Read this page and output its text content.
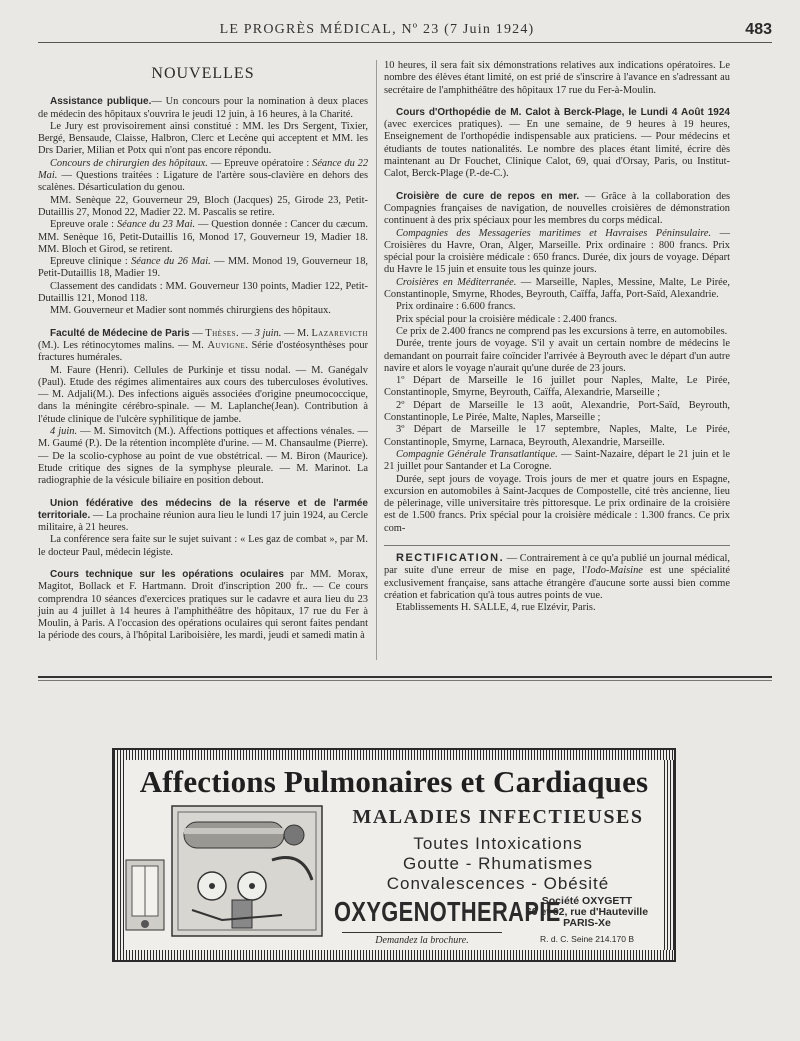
LE PROGRÈS MÉDICAL, Nº 23 (7 Juin 1924)	483
NOUVELLES

Assistance publique.— Un concours pour la nomination à deux places de médecin des hôpitaux s'ouvrira le jeudi 12 juin, à 16 heures, à la Charité.

Le Jury est provisoirement ainsi constitué : MM. les Drs Sergent, Tixier, Bergé, Bensaude, Claisse, Halbron, Clerc et Lecène qui acceptent et MM. les Drs Darier, Milian et Potx qui n'ont pas encore répondu.

Concours de chirurgien des hôpitaux. — Epreuve opératoire : Séance du 22 Mai. — Questions traitées : Ligature de l'artère sous-clavière en dehors des scalènes. Désarticulation du genou.

MM. Senèque 22, Gouverneur 29, Bloch (Jacques) 25, Girode 23, Petit-Dutaillis 27, Monod 22, Madier 22. M. Pascalis se retire.

Epreuve orale : Séance du 23 Mai. — Question donnée : Cancer du cæcum. MM. Senèque 16, Petit-Dutaillis 16, Monod 17, Gouverneur 19, Madier 18. MM. Bloch et Girod, se retirent.

Epreuve clinique : Séance du 26 Mai. — MM. Monod 19, Gouverneur 18, Petit-Dutaillis 18, Madier 19.

Classement des candidats : MM. Gouverneur 130 points, Madier 122, Petit-Dutaillis 121, Monod 118.

MM. Gouverneur et Madier sont nommés chirurgiens des hôpitaux.

Faculté de Médecine de Paris — Thèses. — 3 juin. — M. Lazarevicth (M.). Les rétinocytomes malins. — M. Auvigne. Série d'ostéosynthèses pour fractures humérales.

M. Faure (Henri). Cellules de Purkinje et tissu nodal. — M. Ganégalv (Paul). Etude des régimes alimentaires aux cours des tuberculoses évolutives. — M. Adjali(M.). Des infections aiguës associées d'origine pneumococcique, dans la méningite cérébro-spinale. — M. Laplanche(Jean). Contribution à l'étude clinique de l'ulcère syphilitique de jambe.

4 juin. — M. Simovitch (M.). Affections pottiques et affections vénales. — M. Gaumé (P.). De la rétention incomplète d'urine. — M. Chansaulme (Pierre). — De la scolio-cyphose au point de vue obstétrical. — M. Biron (Maurice). Etude critique des signes de la symphyse pleurale. — M. Marinot. La radiographie de la vésicule biliaire en position debout.

Union fédérative des médecins de la réserve et de l'armée territoriale. — La prochaine réunion aura lieu le lundi 17 juin 1924, au Cercle militaire, à 21 heures.

La conférence sera faite sur le sujet suivant : « Les gaz de combat », par M. le docteur Paul, médecin légiste.

Cours technique sur les opérations oculaires par MM. Morax, Magitot, Bollack et F. Hartmann. Droit d'inscription 200 fr.. — Ce cours comprendra 10 séances d'exercices pratiques sur le cadavre et aura lieu du 23 juin au 4 juillet à 14 heures à l'amphithéâtre des hôpitaux, 17 rue du Fer à Moulin, à Paris. A l'occasion des opérations oculaires qui seront faites pendant la période des cours, à l'hôpital Lariboisière, les mardi, jeudi et samedi matin à

10 heures, il sera fait six démonstrations relatives aux indications opératoires. Le nombre des élèves étant limité, on est prié de s'inscrire à l'avance en s'adressant au secrétaire de l'amphithéâtre des hôpitaux 17 rue du Fer-à-Moulin.

Cours d'Orthopédie de M. Calot à Berck-Plage, le Lundi 4 Août 1924 (avec exercices pratiques). — En une semaine, de 9 heures à 19 heures, Enseignement de l'orthopédie indispensable aux praticiens. — Pour médecins et étudiants de toutes nationalités. Le nombre des places étant limité, écrire dès maintenant au Dr Fouchet, Clinique Calot, 69, quai d'Orsay, Paris, ou Institut-Calot, Berck-Plage (P.-de-C.).

Croisière de cure de repos en mer. — Grâce à la collaboration des Compagnies françaises de navigation, de nouvelles croisières de démonstration continuent à des prix spéciaux pour les membres du corps médical.

Compagnies des Messageries maritimes et Havraises Péninsulaire. — Croisières du Havre, Oran, Alger, Marseille. Prix ordinaire : 800 francs. Prix spécial pour la croisière médicale : 650 francs. Durée, dix jours de voyage. Départ du Havre le 15 juin et ensuite tous les quinze jours.

Croisières en Méditerranée. — Marseille, Naples, Messine, Malte, Le Pirée, Constantinople, Smyrne, Rhodes, Beyrouth, Caïffa, Jaffa, Port-Saïd, Alexandrie.

Prix ordinaire : 6.600 francs.

Prix spécial pour la croisière médicale : 2.400 francs.

Ce prix de 2.400 francs ne comprend pas les excursions à terre, en automobiles.

Durée, trente jours de voyage. S'il y avait un certain nombre de médecins le demandant on pourrait faire coïncider l'arrivée à Beyrouth avec le départ d'un autre navire et alors le voyage n'aurait qu'une durée de 23 jours.

1º Départ de Marseille le 16 juillet pour Naples, Malte, Le Pirée, Constantinople, Smyrne, Beyrouth, Caïffa, Alexandrie, Marseille ;

2º Départ de Marseille le 13 août, Alexandrie, Port-Saïd, Beyrouth, Constantinople, Le Pirée, Malte, Naples, Marseille ;

3º Départ de Marseille le 17 septembre, Naples, Malte, Le Pirée, Constantinople, Smyrne, Larnaca, Beyrouth, Alexandrie, Marseille.

Compagnie Générale Transatlantique. — Saint-Nazaire, départ le 21 juin et le 21 juillet pour Santander et La Corogne.

Durée, sept jours de voyage. Trois jours de mer et quatre jours en Espagne, excursion en automobiles à Saint-Jacques de Compostelle, cité très ancienne, lieu de pèlerinage, ville universitaire très pittoresque. Le prix ordinaire de la croisière est de 1.500 francs. Prix spécial pour la croisière médicale : 1.300 francs. Ce prix com-

RECTIFICATION. — Contrairement à ce qu'a publié un journal médical, par suite d'une erreur de mise en page, l'Iodo-Maisine est une spécialité exclusivement française, sans attache étrangère d'aucune sorte aussi bien comme création et fabrication qu'à tous autres points de vue.

Etablissements H. SALLE, 4, rue Elzévir, Paris.

Affections Pulmonaires et Cardiaques
MALADIES INFECTIEUSES
Toutes Intoxications
Goutte - Rhumatismes
Convalescences - Obésité
OXYGENOTHERAPIE
Société OXYGETT
60 et 62, rue d'Hauteville
PARIS-Xe
Demandez la brochure.	R. d. C. Seine 214.170 B
